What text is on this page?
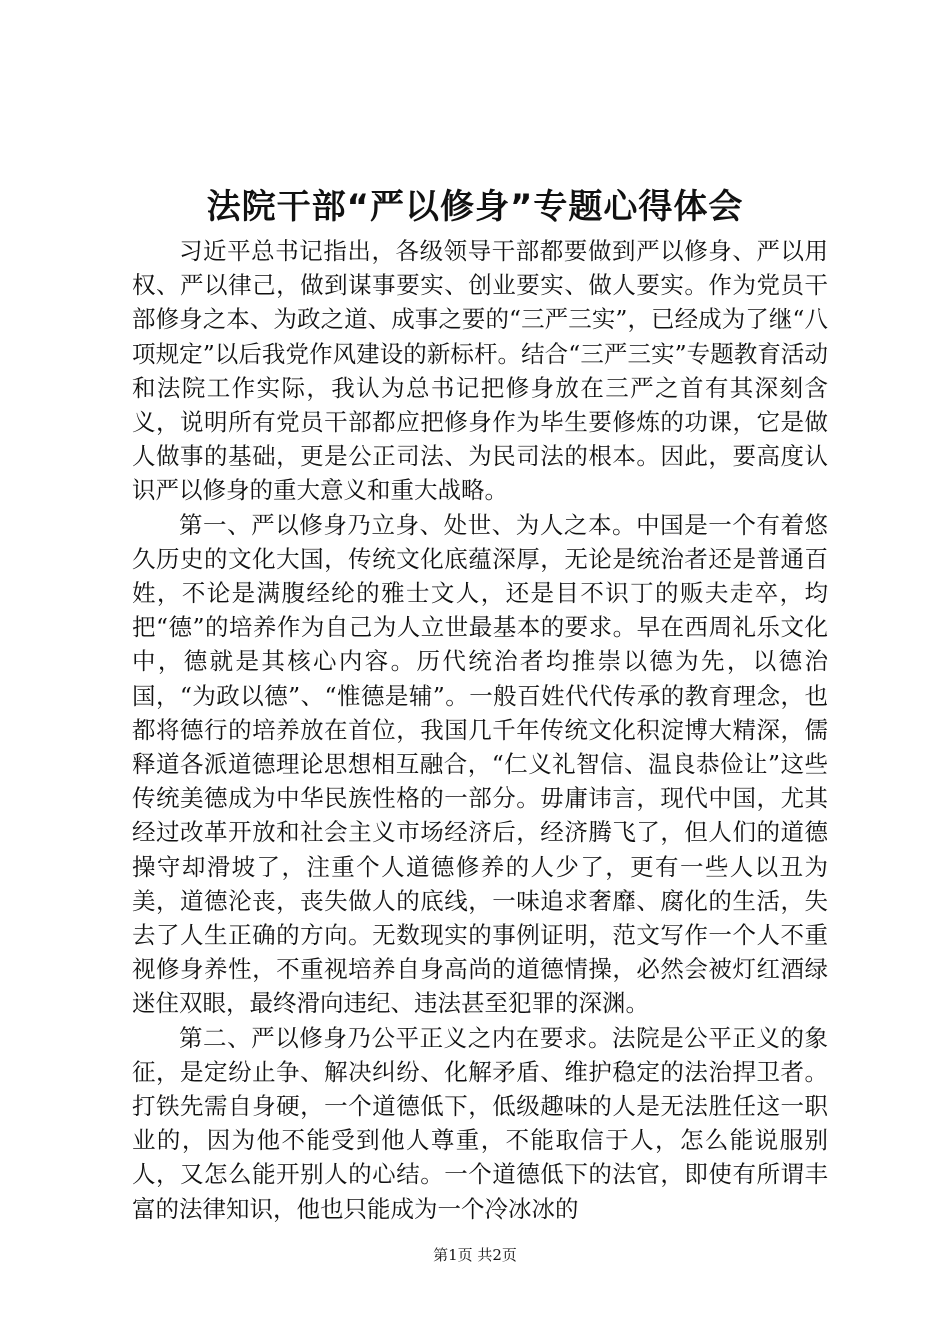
法院干部“严以修身”专题心得体会

习近平总书记指出，各级领导干部都要做到严以修身、严以用权、严以律己，做到谋事要实、创业要实、做人要实。作为党员干部修身之本、为政之道、成事之要的“三严三实”，已经成为了继“八项规定”以后我党作风建设的新标杆。结合“三严三实”专题教育活动和法院工作实际，我认为总书记把修身放在三严之首有其深刻含义，说明所有党员干部都应把修身作为毕生要修炼的功课，它是做人做事的基础，更是公正司法、为民司法的根本。因此，要高度认识严以修身的重大意义和重大战略。

第一、严以修身乃立身、处世、为人之本。中国是一个有着悠久历史的文化大国，传统文化底蕴深厚，无论是统治者还是普通百姓，不论是满腹经纶的雅士文人，还是目不识丁的贩夫走卒，均把“德”的培养作为自己为人立世最基本的要求。早在西周礼乐文化中，德就是其核心内容。历代统治者均推崇以德为先，以德治国，“为政以德”、“惟德是辅”。一般百姓代代传承的教育理念，也都将德行的培养放在首位，我国几千年传统文化积淀博大精深，儒释道各派道德理论思想相互融合，“仁义礼智信、温良恭俭让”这些传统美德成为中华民族性格的一部分。毋庸讳言，现代中国，尤其经过改革开放和社会主义市场经济后，经济腾飞了，但人们的道德操守却滑坡了，注重个人道德修养的人少了，更有一些人以丑为美，道德沦丧，丧失做人的底线，一味追求奢靡、腐化的生活，失去了人生正确的方向。无数现实的事例证明，范文写作一个人不重视修身养性，不重视培养自身高尚的道德情操，必然会被灯红酒绿迷住双眼，最终滑向违纪、违法甚至犯罪的深渊。

第二、严以修身乃公平正义之内在要求。法院是公平正义的象征，是定纷止争、解决纠纷、化解矛盾、维护稳定的法治捍卫者。打铁先需自身硬，一个道德低下，低级趣味的人是无法胜任这一职业的，因为他不能受到他人尊重，不能取信于人，怎么能说服别人，又怎么能开别人的心结。一个道德低下的法官，即使有所谓丰富的法律知识，他也只能成为一个冷冰冰的

第1页 共2页
